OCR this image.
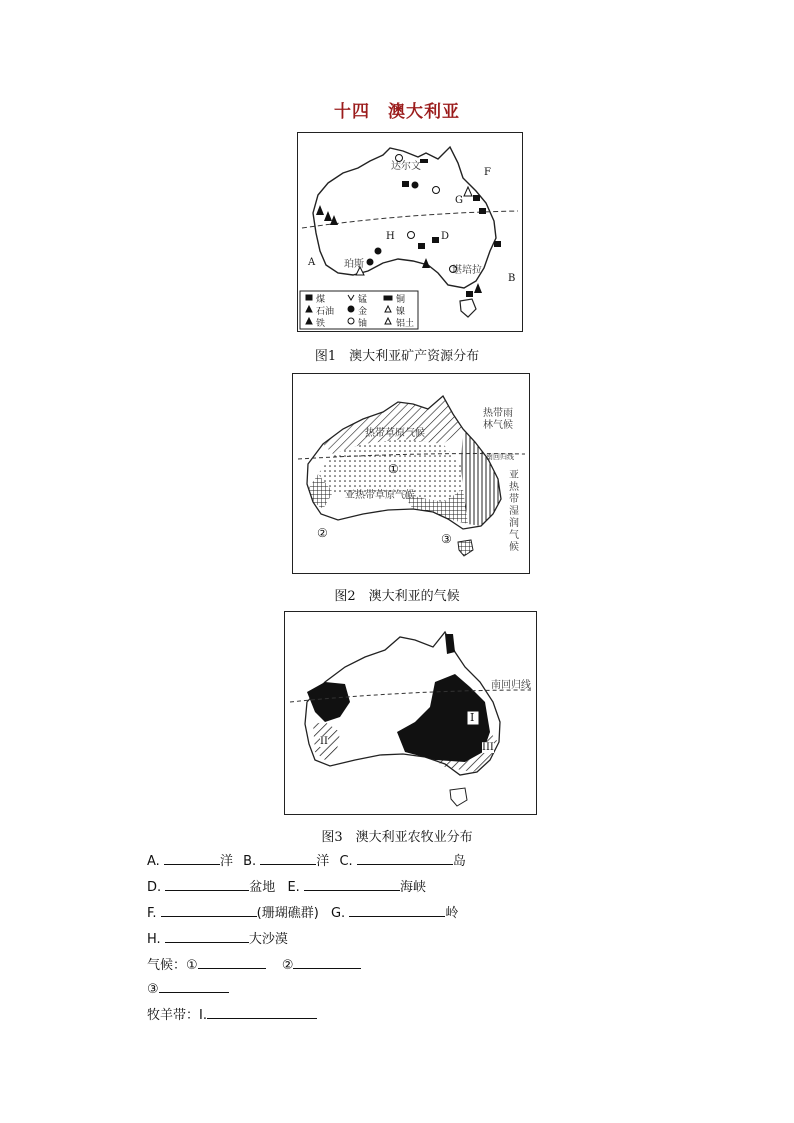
十四　澳大利亚
达尔文
珀斯
堪培拉
A
B
D
F
G
H
煤	锰	铜
石油	金	镍
铁	铀	铝土
图1　澳大利亚矿产资源分布
热带草原气候
热带雨林气候
南回归线
亚热带湿润气候
亚热带草原气候
①
②	③
图2　澳大利亚的气候
南回归线
I
II
III
图3　澳大利亚农牧业分布
A.	洋 B.	洋 C.	岛
D.	盆地 E.	海峡
F.	(珊瑚礁群) G.	岭
H.	大沙漠
气候：①	②
③
牧羊带：Ⅰ.
